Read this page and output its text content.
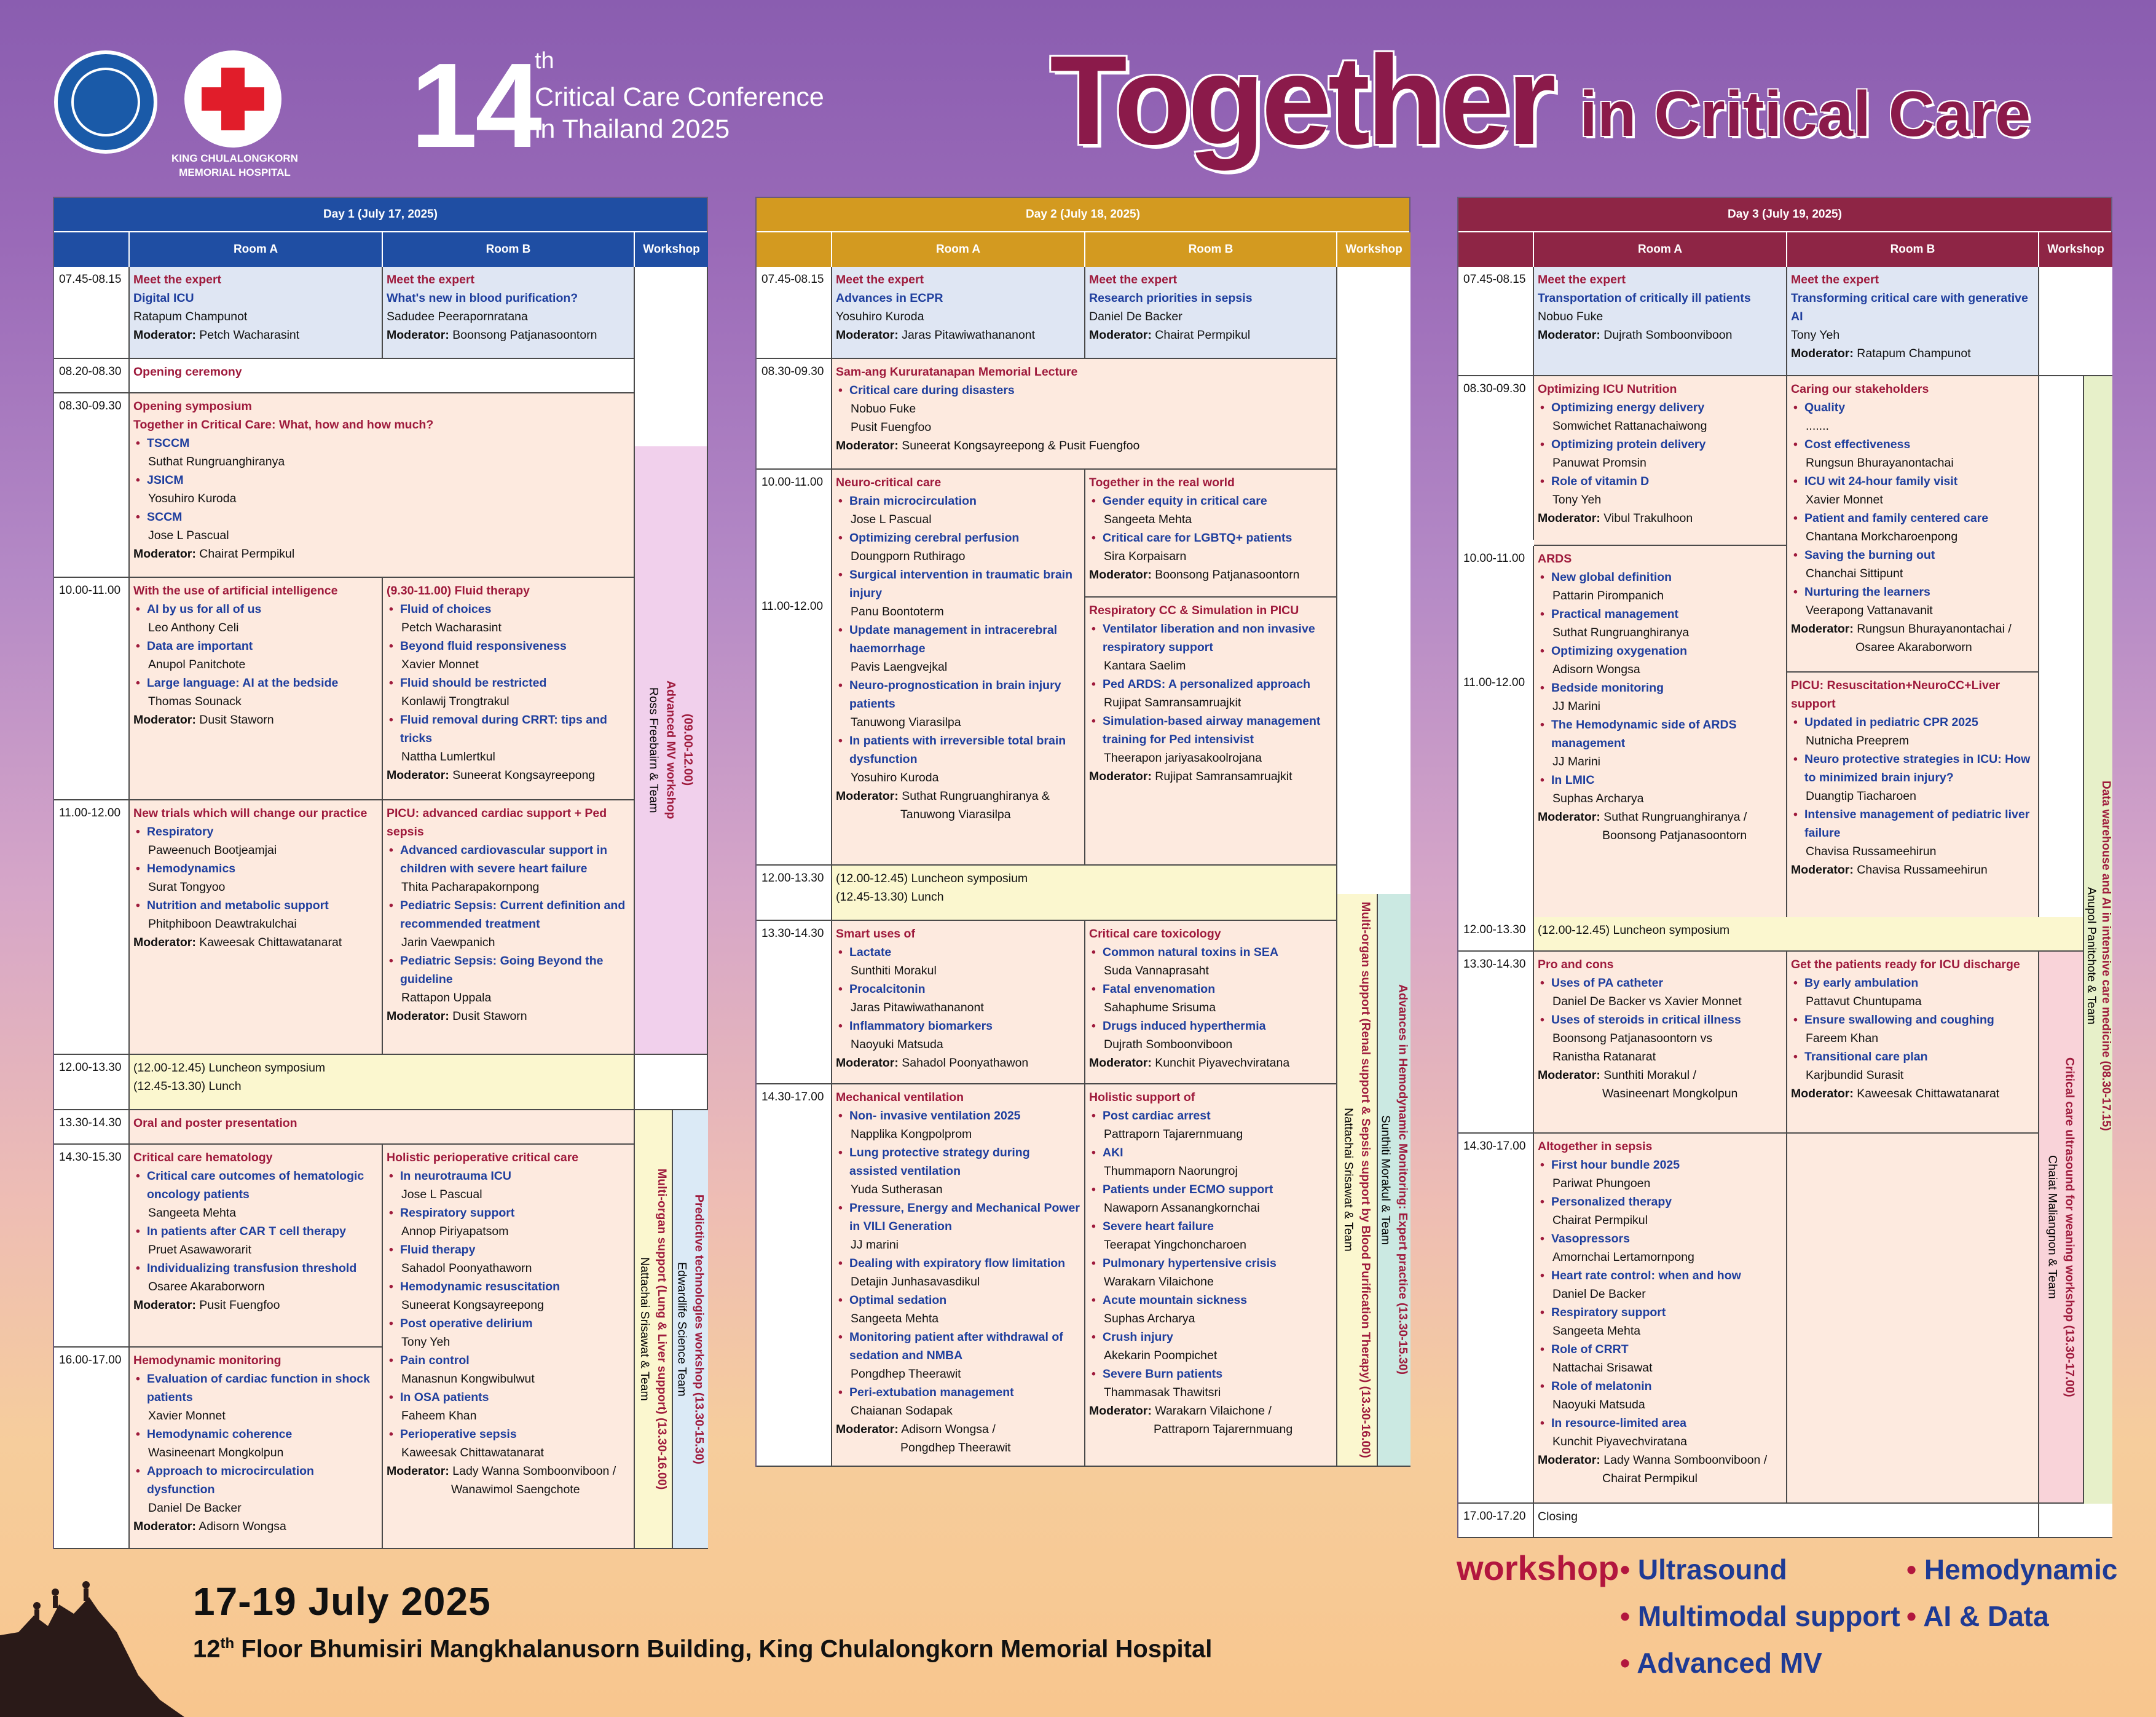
KING CHULALONGKORN MEMORIAL HOSPITAL 14
th
Critical Care Conference
in Thailand 2025	Together in Critical Care
Day 1 (July 17, 2025)
Room A	Room B	Workshop
07.45-08.15	Meet the expert
Digital ICU
Ratapum Champunot
Moderator: Petch Wacharasint
Meet the expert
What's new in blood purification?
Sadudee Peerapornratana
Moderator: Boonsong Patjanasoontorn
08.20-08.30	Opening ceremony
08.30-09.30	Opening symposium
Together in Critical Care: What, how and how much?
• TSCCM
Suthat Rungruanghiranya
• JSICM
Yosuhiro Kuroda
• SCCM
Jose L Pascual
Moderator: Chairat Permpikul
10.00-11.00	With the use of artificial intelligence
• AI by us for all of us
Leo Anthony Celi
• Data are important
Anupol Panitchote
• Large language: AI at the bedside
Thomas Sounack
Moderator: Dusit Staworn
(9.30-11.00) Fluid therapy
• Fluid of choices
Petch Wacharasint
• Beyond fluid responsiveness
Xavier Monnet
• Fluid should be restricted
Konlawij Trongtrakul
• Fluid removal during CRRT: tips and tricks
Nattha Lumlertkul
Moderator: Suneerat Kongsayreepong	(09.00-12.00)
Advanced MV workshop
Ross Freebairn & Team
11.00-12.00	New trials which will change our practice
• Respiratory
Paweenuch Bootjeamjai
• Hemodynamics
Surat Tongyoo
• Nutrition and metabolic support
Phitphiboon Deawtrakulchai
Moderator: Kaweesak Chittawatanarat
PICU: advanced cardiac support + Ped sepsis
• Advanced cardiovascular support in children with severe heart failure
Thita Pacharapakornpong
• Pediatric Sepsis: Current definition and recommended treatment
Jarin Vaewpanich
• Pediatric Sepsis: Going Beyond the guideline
Rattapon Uppala
Moderator: Dusit Staworn
12.00-13.30	(12.00-12.45) Luncheon symposium
(12.45-13.30) Lunch
13.30-14.30	Oral and poster presentation
Multi-organ support (Lung & Liver support) (13.30-16.00)
Nattachai Srisawat & Team	Predictive technologies workshop (13.30-15.30)
Edwardlife Science Team
14.30-15.30	Critical care hematology
• Critical care outcomes of hematologic oncology patients
Sangeeta Mehta
• In patients after CAR T cell therapy
Pruet Asawaworarit
• Individualizing transfusion threshold
Osaree Akaraborworn
Moderator: Pusit Fuengfoo
Holistic perioperative critical care
• In neurotrauma ICU
Jose L Pascual
• Respiratory support
Annop Piriyapatsom
• Fluid therapy
Sahadol Poonyathaworn
• Hemodynamic resuscitation
Suneerat Kongsayreepong
• Post operative delirium
Tony Yeh
• Pain control
Manasnun Kongwibulwut
• In OSA patients
Faheem Khan
• Perioperative sepsis
Kaweesak Chittawatanarat
Moderator: Lady Wanna Somboonviboon /
Wanawimol Saengchote
16.00-17.00	Hemodynamic monitoring
• Evaluation of cardiac function in shock patients
Xavier Monnet
• Hemodynamic coherence
Wasineenart Mongkolpun
• Approach to microcirculation dysfunction
Daniel De Backer
Moderator: Adisorn Wongsa
Day 2 (July 18, 2025)
Room A	Room B	Workshop
07.45-08.15	Meet the expert
Advances in ECPR
Yosuhiro Kuroda
Moderator: Jaras Pitawiwathananont
Meet the expert
Research priorities in sepsis
Daniel De Backer
Moderator: Chairat Permpikul
08.30-09.30	Sam-ang Kururatanapan Memorial Lecture
• Critical care during disasters
Nobuo Fuke
Pusit Fuengfoo
Moderator: Suneerat Kongsayreepong & Pusit Fuengfoo
10.00-11.00
11.00-12.00
Neuro-critical care
• Brain microcirculation
Jose L Pascual
• Optimizing cerebral perfusion
Doungporn Ruthirago
• Surgical intervention in traumatic brain injury
Panu Boontoterm
• Update management in intracerebral haemorrhage
Pavis Laengvejkal
• Neuro-prognostication in brain injury patients
Tanuwong Viarasilpa
• In patients with irreversible total brain dysfunction
Yosuhiro Kuroda
Moderator: Suthat Rungruanghiranya &
Tanuwong Viarasilpa
Together in the real world
• Gender equity in critical care
Sangeeta Mehta
• Critical care for LGBTQ+ patients
Sira Korpaisarn
Moderator: Boonsong Patjanasoontorn
Respiratory CC & Simulation in PICU
• Ventilator liberation and non invasive respiratory support
Kantara Saelim
• Ped ARDS: A personalized approach
Rujipat Samransamruajkit
• Simulation-based airway management training for Ped intensivist
Theerapon jariyasakoolrojana
Moderator: Rujipat Samransamruajkit
12.00-13.30	(12.00-12.45) Luncheon symposium
(12.45-13.30) Lunch
13.30-14.30	Smart uses of
• Lactate
Sunthiti Morakul
• Procalcitonin
Jaras Pitawiwathananont
• Inflammatory biomarkers
Naoyuki Matsuda
Moderator: Sahadol Poonyathawon
Critical care toxicology
• Common natural toxins in SEA
Suda Vannaprasaht
• Fatal envenomation
Sahaphume Srisuma
• Drugs induced hyperthermia
Dujrath Somboonviboon
Moderator: Kunchit Piyavechviratana	Multi-organ support (Renal support & Sepsis support by Blood Purification Therapy) (13.30-16.00)
Nattachai Srisawat & Team	Advances in Hemodynamic Monitoring: Expert practice (13.30-15.30)
Sunthiti Morakul & Team
14.30-17.00	Mechanical ventilation
• Non- invasive ventilation 2025
Napplika Kongpolprom
• Lung protective strategy during assisted ventilation
Yuda Sutherasan
• Pressure, Energy and Mechanical Power in VILI Generation
JJ marini
• Dealing with expiratory flow limitation
Detajin Junhasavasdikul
• Optimal sedation
Sangeeta Mehta
• Monitoring patient after withdrawal of sedation and NMBA
Pongdhep Theerawit
• Peri-extubation management
Chaianan Sodapak
Moderator: Adisorn Wongsa /
Pongdhep Theerawit
Holistic support of
• Post cardiac arrest
Pattraporn Tajarernmuang
• AKI
Thummaporn Naorungroj
• Patients under ECMO support
Nawaporn Assanangkornchai
• Severe heart failure
Teerapat Yingchoncharoen
• Pulmonary hypertensive crisis
Warakarn Vilaichone
• Acute mountain sickness
Suphas Archarya
• Crush injury
Akekarin Poompichet
• Severe Burn patients
Thammasak Thawitsri
Moderator: Warakarn Vilaichone /
Pattraporn Tajarernmuang
Day 3 (July 19, 2025)
Room A	Room B	Workshop
07.45-08.15	Meet the expert
Transportation of critically ill patients
Nobuo Fuke
Moderator: Dujrath Somboonviboon
Meet the expert
Transforming critical care with generative AI
Tony Yeh
Moderator: Ratapum Champunot
08.30-09.30
10.00-11.00
11.00-12.00
Optimizing ICU Nutrition
• Optimizing energy delivery
Somwichet Rattanachaiwong
• Optimizing protein delivery
Panuwat Promsin
• Role of vitamin D
Tony Yeh
Moderator: Vibul Trakulhoon
ARDS
• New global definition
Pattarin Pirompanich
• Practical management
Suthat Rungruanghiranya
• Optimizing oxygenation
Adisorn Wongsa
• Bedside monitoring
JJ Marini
• The Hemodynamic side of ARDS management
JJ Marini
• In LMIC
Suphas Archarya
Moderator: Suthat Rungruanghiranya /
Boonsong Patjanasoontorn
Caring our stakeholders
• Quality
.......
• Cost effectiveness
Rungsun Bhurayanontachai
• ICU wit 24-hour family visit
Xavier Monnet
• Patient and family centered care
Chantana Morkcharoenpong
• Saving the burning out
Chanchai Sittipunt
• Nurturing the learners
Veerapong Vattanavanit
Moderator: Rungsun Bhurayanontachai /
Osaree Akaraborworn
PICU: Resuscitation+NeuroCC+Liver support
• Updated in pediatric CPR 2025
Nutnicha Preeprem
• Neuro protective strategies in ICU: How to minimized brain injury?
Duangtip Tiacharoen
• Intensive management of pediatric liver failure
Chavisa Russameehirun
Moderator: Chavisa Russameehirun	Data warehouse and AI in intensive care medicine (08.30-17.15)
Anupol Panitchote & Team
12.00-13.30	(12.00-12.45) Luncheon symposium
13.30-14.30	Pro and cons
• Uses of PA catheter
Daniel De Backer vs Xavier Monnet
• Uses of steroids in critical illness
Boonsong Patjanasoontorn vs
Ranistha Ratanarat
Moderator: Sunthiti Morakul /
Wasineenart Mongkolpun
Get the patients ready for ICU discharge
• By early ambulation
Pattavut Chuntupama
• Ensure swallowing and coughing
Fareem Khan
• Transitional care plan
Karjbundid Surasit
Moderator: Kaweesak Chittawatanarat	Critical care ultrasound for weaning workshop (13.30-17.00)
Chaiat Maliangnon & Team
14.30-17.00	Altogether in sepsis
• First hour bundle 2025
Pariwat Phungoen
• Personalized therapy
Chairat Permpikul
• Vasopressors
Amornchai Lertamornpong
• Heart rate control: when and how
Daniel De Backer
• Respiratory support
Sangeeta Mehta
• Role of CRRT
Nattachai Srisawat
• Role of melatonin
Naoyuki Matsuda
• In resource-limited area
Kunchit Piyavechviratana
Moderator: Lady Wanna Somboonviboon /
Chairat Permpikul
17.00-17.20	Closing
17-19 July 2025
12th Floor Bhumisiri Mangkhalanusorn Building, King Chulalongkorn Memorial Hospital
workshop
• Ultrasound
• Multimodal support
• Advanced MV
• Hemodynamic
• AI & Data
